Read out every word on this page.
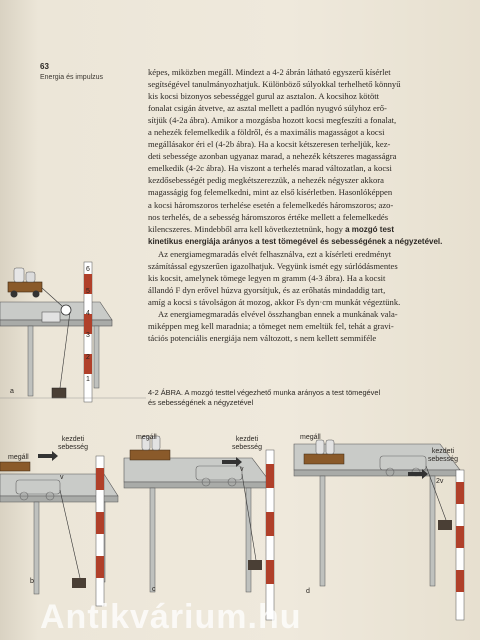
63
Energia és impulzus

képes, miközben megáll. Mindezt a 4-2 ábrán látható egyszerű kísérlet

segítségével tanulmányozhatjuk. Különböző súlyokkal terhelhető könnyű

kis kocsi bizonyos sebességgel gurul az asztalon. A kocsihoz kötött

fonalat csigán átvetve, az asztal mellett a padlón nyugvó súlyhoz erő-

sítjük (4-2a ábra). Amikor a mozgásba hozott kocsi megfeszíti a fonalat,

a nehezék felemelkedik a földről, és a maximális magasságot a kocsi

megállásakor éri el (4-2b ábra). Ha a kocsit kétszeresen terheljük, kez-

deti sebessége azonban ugyanaz marad, a nehezék kétszeres magasságra

emelkedik (4-2c ábra). Ha viszont a terhelés marad változatlan, a kocsi

kezdősebességét pedig megkétszerezzük, a nehezék négyszer akkora

magasságig fog felemelkedni, mint az első kísérletben. Hasonlóképpen

a kocsi háromszoros terhelése esetén a felemelkedés háromszoros; azo-

nos terhelés, de a sebesség háromszoros értéke mellett a felemelkedés

kilencszeres. Mindebből arra kell következtetnünk, hogy a mozgó test

kinetikus energiája arányos a test tömegével és sebességének a négyzetével.

Az energiamegmaradás elvét felhasználva, ezt a kísérleti eredményt

számítással egyszerűen igazolhatjuk. Vegyünk ismét egy súrlódásmentes

kis kocsit, amelynek tömege legyen m gramm (4-3 ábra). Ha a kocsit

állandó F dyn erővel húzva gyorsítjuk, és az erőhatás mindaddig tart,

amíg a kocsi s távolságon át mozog, akkor Fs dyn·cm munkát végeztünk.

Az energiamegmaradás elvével összhangban ennek a munkának vala-

miképpen meg kell maradnia; a tömeget nem emeltük fel, tehát a gravi-

tációs potenciális energiája nem változott, s nem kellett semmiféle

4-2 ÁBRA. A mozgó testtel végezhető munka arányos a test tömegével
és sebességének a négyzetével
a
6
5
4
3
2
1
megáll
kezdeti
sebesség
v
b
megáll	kezdeti
sebesség
v
c
megáll
kezdeti
sebesség
2v
d
Antikvárium.hu
